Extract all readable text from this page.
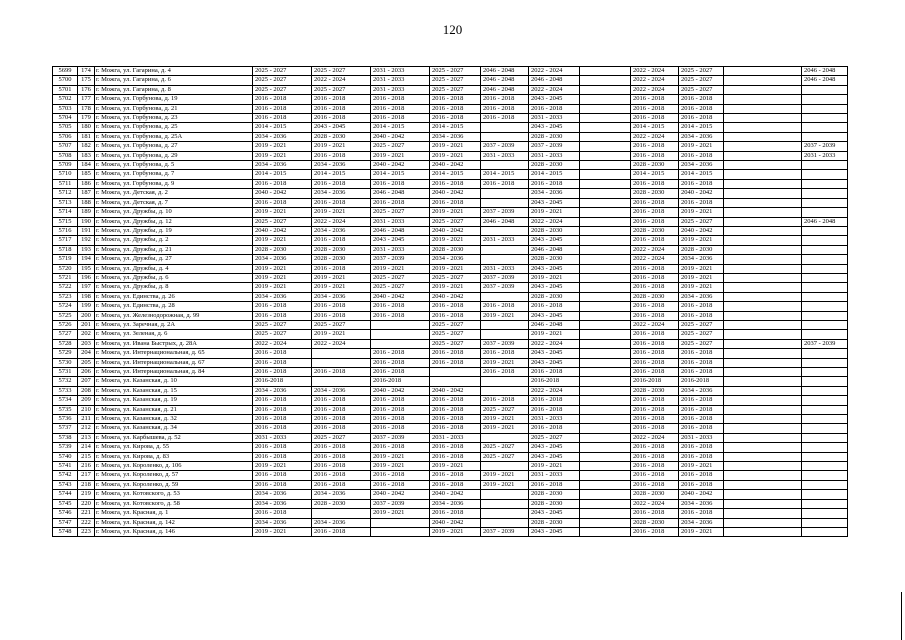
120
5699	174	г. Можга, ул. Гагарина, д. 4	2025 - 2027	2025 - 2027	2031 - 2033	2025 - 2027	2046 - 2048	2022 - 2024		2022 - 2024	2025 - 2027		2046 - 2048
5700	175	г. Можга, ул. Гагарина, д. 6	2025 - 2027	2022 - 2024	2031 - 2033	2025 - 2027	2046 - 2048	2046 - 2048		2022 - 2024	2025 - 2027		2046 - 2048
5701	176	г. Можга, ул. Гагарина, д. 8	2025 - 2027	2025 - 2027	2031 - 2033	2025 - 2027	2046 - 2048	2022 - 2024		2022 - 2024	2025 - 2027		
5702	177	г. Можга, ул. Горбунова, д. 19	2016 - 2018	2016 - 2018	2016 - 2018	2016 - 2018	2016 - 2018	2043 - 2045		2016 - 2018	2016 - 2018		
5703	178	г. Можга, ул. Горбунова, д. 21	2016 - 2018	2016 - 2018	2016 - 2018	2016 - 2018	2016 - 2018	2016 - 2018		2016 - 2018	2016 - 2018		
5704	179	г. Можга, ул. Горбунова, д. 23	2016 - 2018	2016 - 2018	2016 - 2018	2016 - 2018	2016 - 2018	2031 - 2033		2016 - 2018	2016 - 2018		
5705	180	г. Можга, ул. Горбунова, д. 25	2014 - 2015	2043 - 2045	2014 - 2015	2014 - 2015		2043 - 2045		2014 - 2015	2014 - 2015		
5706	181	г. Можга, ул. Горбунова, д. 25А	2034 - 2036	2028 - 2030	2040 - 2042	2034 - 2036		2028 - 2030		2022 - 2024	2034 - 2036		
5707	182	г. Можга, ул. Горбунова, д. 27	2019 - 2021	2019 - 2021	2025 - 2027	2019 - 2021	2037 - 2039	2037 - 2039		2016 - 2018	2019 - 2021		2037 - 2039
5708	183	г. Можга, ул. Горбунова, д. 29	2019 - 2021	2016 - 2018	2019 - 2021	2019 - 2021	2031 - 2033	2031 - 2033		2016 - 2018	2016 - 2018		2031 - 2033
5709	184	г. Можга, ул. Горбунова, д. 5	2034 - 2036	2034 - 2036	2040 - 2042	2040 - 2042		2028 - 2030		2028 - 2030	2034 - 2036		
5710	185	г. Можга, ул. Горбунова, д. 7	2014 - 2015	2014 - 2015	2014 - 2015	2014 - 2015	2014 - 2015	2014 - 2015		2014 - 2015	2014 - 2015		
5711	186	г. Можга, ул. Горбунова, д. 9	2016 - 2018	2016 - 2018	2016 - 2018	2016 - 2018	2016 - 2018	2016 - 2018		2016 - 2018	2016 - 2018		
5712	187	г. Можга, ул. Детская, д. 2	2040 - 2042	2034 - 2036	2046 - 2048	2040 - 2042		2034 - 2036		2028 - 2030	2040 - 2042		
5713	188	г. Можга, ул. Детская, д. 7	2016 - 2018	2016 - 2018	2016 - 2018	2016 - 2018		2043 - 2045		2016 - 2018	2016 - 2018		
5714	189	г. Можга, ул. Дружбы, д. 10	2019 - 2021	2019 - 2021	2025 - 2027	2019 - 2021	2037 - 2039	2019 - 2021		2016 - 2018	2019 - 2021		
5715	190	г. Можга, ул. Дружбы, д. 12	2025 - 2027	2022 - 2024	2031 - 2033	2025 - 2027	2046 - 2048	2022 - 2024		2016 - 2018	2025 - 2027		2046 - 2048
5716	191	г. Можга, ул. Дружбы, д. 19	2040 - 2042	2034 - 2036	2046 - 2048	2040 - 2042		2028 - 2030		2028 - 2030	2040 - 2042		
5717	192	г. Можга, ул. Дружбы, д. 2	2019 - 2021	2016 - 2018	2043 - 2045	2019 - 2021	2031 - 2033	2043 - 2045		2016 - 2018	2019 - 2021		
5718	193	г. Можга, ул. Дружбы, д. 21	2028 - 2030	2028 - 2030	2031 - 2033	2028 - 2030		2046 - 2048		2022 - 2024	2028 - 2030		
5719	194	г. Можга, ул. Дружбы, д. 27	2034 - 2036	2028 - 2030	2037 - 2039	2034 - 2036		2028 - 2030		2022 - 2024	2034 - 2036		
5720	195	г. Можга, ул. Дружбы, д. 4	2019 - 2021	2016 - 2018	2019 - 2021	2019 - 2021	2031 - 2033	2043 - 2045		2016 - 2018	2019 - 2021		
5721	196	г. Можга, ул. Дружбы, д. 6	2019 - 2021	2019 - 2021	2025 - 2027	2025 - 2027	2037 - 2039	2019 - 2021		2016 - 2018	2019 - 2021		
5722	197	г. Можга, ул. Дружбы, д. 8	2019 - 2021	2019 - 2021	2025 - 2027	2019 - 2021	2037 - 2039	2043 - 2045		2016 - 2018	2019 - 2021		
5723	198	г. Можга, ул. Единства, д. 26	2034 - 2036	2034 - 2036	2040 - 2042	2040 - 2042		2028 - 2030		2028 - 2030	2034 - 2036		
5724	199	г. Можга, ул. Единства, д. 28	2016 - 2018	2016 - 2018	2016 - 2018	2016 - 2018	2016 - 2018	2016 - 2018		2016 - 2018	2016 - 2018		
5725	200	г. Можга, ул. Железнодорожная, д. 99	2016 - 2018	2016 - 2018	2016 - 2018	2016 - 2018	2019 - 2021	2043 - 2045		2016 - 2018	2016 - 2018		
5726	201	г. Можга, ул. Заречная, д. 2А	2025 - 2027	2025 - 2027		2025 - 2027		2046 - 2048		2022 - 2024	2025 - 2027		
5727	202	г. Можга, ул. Зеленая, д. 6	2025 - 2027	2019 - 2021		2025 - 2027		2019 - 2021		2016 - 2018	2025 - 2027		
5728	203	г. Можга, ул. Ивана Быстрых, д. 28А	2022 - 2024	2022 - 2024		2025 - 2027	2037 - 2039	2022 - 2024		2016 - 2018	2025 - 2027		2037 - 2039
5729	204	г. Можга, ул. Интернациональная, д. 65	2016 - 2018		2016 - 2018	2016 - 2018	2016 - 2018	2043 - 2045		2016 - 2018	2016 - 2018		
5730	205	г. Можга, ул. Интернациональная, д. 67	2016 - 2018		2016 - 2018	2016 - 2018	2019 - 2021	2043 - 2045		2016 - 2018	2016 - 2018		
5731	206	г. Можга, ул. Интернациональная, д. 84	2016 - 2018	2016 - 2018	2016 - 2018		2016 - 2018	2016 - 2018		2016 - 2018	2016 - 2018		
5732	207	г. Можга, ул. Казанская, д. 10	2016-2018		2016-2018			2016-2018		2016-2018	2016-2018		
5733	208	г. Можга, ул. Казанская, д. 15	2034 - 2036	2034 - 2036	2040 - 2042	2040 - 2042		2022 - 2024		2028 - 2030	2034 - 2036		
5734	209	г. Можга, ул. Казанская, д. 19	2016 - 2018	2016 - 2018	2016 - 2018	2016 - 2018	2016 - 2018	2016 - 2018		2016 - 2018	2016 - 2018		
5735	210	г. Можга, ул. Казанская, д. 21	2016 - 2018	2016 - 2018	2016 - 2018	2016 - 2018	2025 - 2027	2016 - 2018		2016 - 2018	2016 - 2018		
5736	211	г. Можга, ул. Казанская, д. 32	2016 - 2018	2016 - 2018	2016 - 2018	2016 - 2018	2019 - 2021	2031 - 2033		2016 - 2018	2016 - 2018		
5737	212	г. Можга, ул. Казанская, д. 34	2016 - 2018	2016 - 2018	2016 - 2018	2016 - 2018	2019 - 2021	2016 - 2018		2016 - 2018	2016 - 2018		
5738	213	г. Можга, ул. Карбышева, д. 52	2031 - 2033	2025 - 2027	2037 - 2039	2031 - 2033		2025 - 2027		2022 - 2024	2031 - 2033		
5739	214	г. Можга, ул. Кирова, д. 55	2016 - 2018	2016 - 2018	2016 - 2018	2016 - 2018	2025 - 2027	2043 - 2045		2016 - 2018	2016 - 2018		
5740	215	г. Можга, ул. Кирова, д. 83	2016 - 2018	2016 - 2018	2019 - 2021	2016 - 2018	2025 - 2027	2043 - 2045		2016 - 2018	2016 - 2018		
5741	216	г. Можга, ул. Короленко, д. 106	2019 - 2021	2016 - 2018	2019 - 2021	2019 - 2021		2019 - 2021		2016 - 2018	2019 - 2021		
5742	217	г. Можга, ул. Короленко, д. 57	2016 - 2018	2016 - 2018	2016 - 2018	2016 - 2018	2019 - 2021	2031 - 2033		2016 - 2018	2016 - 2018		
5743	218	г. Можга, ул. Короленко, д. 59	2016 - 2018	2016 - 2018	2016 - 2018	2016 - 2018	2019 - 2021	2016 - 2018		2016 - 2018	2016 - 2018		
5744	219	г. Можга, ул. Котовского, д. 53	2034 - 2036	2034 - 2036	2040 - 2042	2040 - 2042		2028 - 2030		2028 - 2030	2040 - 2042		
5745	220	г. Можга, ул. Котовского, д. 58	2034 - 2036	2028 - 2030	2037 - 2039	2034 - 2036		2028 - 2030		2022 - 2024	2034 - 2036		
5746	221	г. Можга, ул. Красная, д. 1	2016 - 2018		2019 - 2021	2016 - 2018		2043 - 2045		2016 - 2018	2016 - 2018		
5747	222	г. Можга, ул. Красная, д. 142	2034 - 2036	2034 - 2036		2040 - 2042		2028 - 2030		2028 - 2030	2034 - 2036		
5748	223	г. Можга, ул. Красная, д. 146	2019 - 2021	2016 - 2018		2019 - 2021	2037 - 2039	2043 - 2045		2016 - 2018	2019 - 2021		
